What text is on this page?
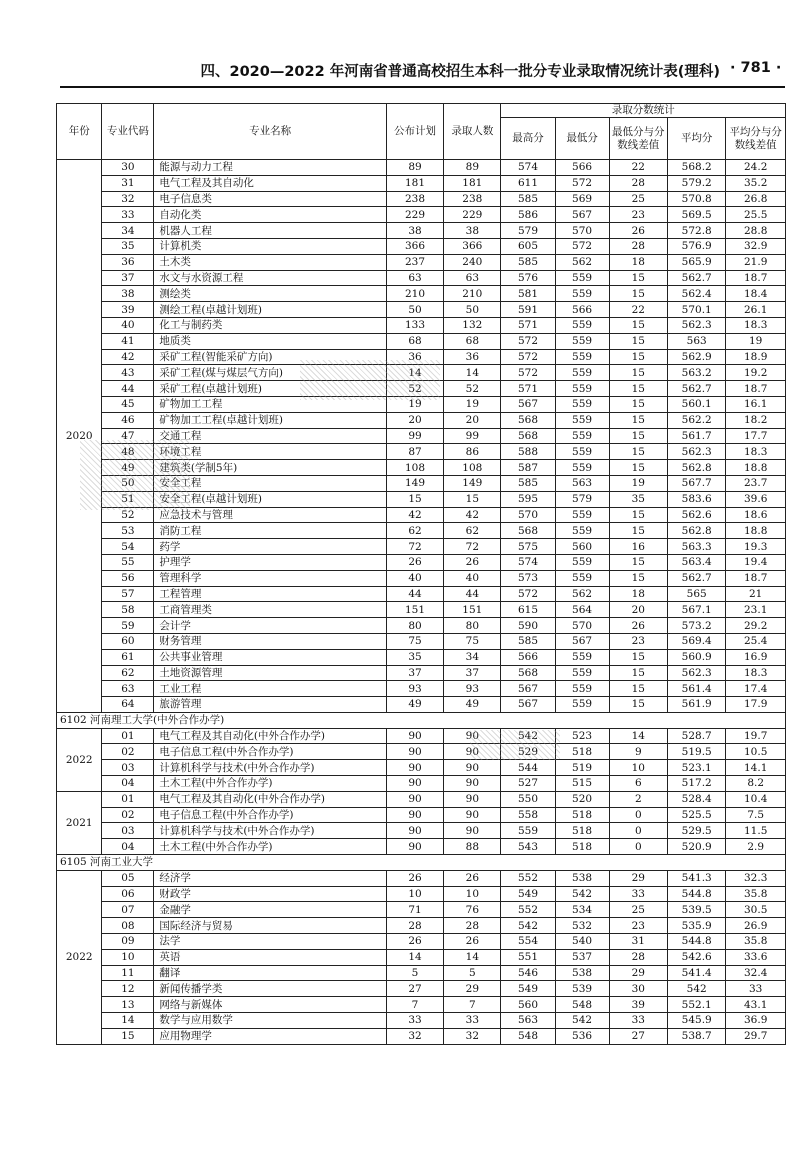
四、2020—2022 年河南省普通高校招生本科一批分专业录取情况统计表(理科) · 781 ·
年份	专业代码	专业名称	公布计划	录取人数	录取分数统计				
					最高分	最低分	最低分与分数线差值	平均分	平均分与分数线差值
2020	30	能源与动力工程	89	89	574	566	22	568.2	24.2
	31	电气工程及其自动化	181	181	611	572	28	579.2	35.2
	32	电子信息类	238	238	585	569	25	570.8	26.8
	33	自动化类	229	229	586	567	23	569.5	25.5
	34	机器人工程	38	38	579	570	26	572.8	28.8
	35	计算机类	366	366	605	572	28	576.9	32.9
	36	土木类	237	240	585	562	18	565.9	21.9
	37	水文与水资源工程	63	63	576	559	15	562.7	18.7
	38	测绘类	210	210	581	559	15	562.4	18.4
	39	测绘工程(卓越计划班)	50	50	591	566	22	570.1	26.1
	40	化工与制药类	133	132	571	559	15	562.3	18.3
	41	地质类	68	68	572	559	15	563	19
	42	采矿工程(智能采矿方向)	36	36	572	559	15	562.9	18.9
	43	采矿工程(煤与煤层气方向)	14	14	572	559	15	563.2	19.2
	44	采矿工程(卓越计划班)	52	52	571	559	15	562.7	18.7
	45	矿物加工工程	19	19	567	559	15	560.1	16.1
	46	矿物加工工程(卓越计划班)	20	20	568	559	15	562.2	18.2
	47	交通工程	99	99	568	559	15	561.7	17.7
	48	环境工程	87	86	588	559	15	562.3	18.3
	49	建筑类(学制5年)	108	108	587	559	15	562.8	18.8
	50	安全工程	149	149	585	563	19	567.7	23.7
	51	安全工程(卓越计划班)	15	15	595	579	35	583.6	39.6
	52	应急技术与管理	42	42	570	559	15	562.6	18.6
	53	消防工程	62	62	568	559	15	562.8	18.8
	54	药学	72	72	575	560	16	563.3	19.3
	55	护理学	26	26	574	559	15	563.4	19.4
	56	管理科学	40	40	573	559	15	562.7	18.7
	57	工程管理	44	44	572	562	18	565	21
	58	工商管理类	151	151	615	564	20	567.1	23.1
	59	会计学	80	80	590	570	26	573.2	29.2
	60	财务管理	75	75	585	567	23	569.4	25.4
	61	公共事业管理	35	34	566	559	15	560.9	16.9
	62	土地资源管理	37	37	568	559	15	562.3	18.3
	63	工业工程	93	93	567	559	15	561.4	17.4
	64	旅游管理	49	49	567	559	15	561.9	17.9
6102 河南理工大学(中外合作办学)									
2022	01	电气工程及其自动化(中外合作办学)	90	90	542	523	14	528.7	19.7
	02	电子信息工程(中外合作办学)	90	90	529	518	9	519.5	10.5
	03	计算机科学与技术(中外合作办学)	90	90	544	519	10	523.1	14.1
	04	土木工程(中外合作办学)	90	90	527	515	6	517.2	8.2
2021	01	电气工程及其自动化(中外合作办学)	90	90	550	520	2	528.4	10.4
	02	电子信息工程(中外合作办学)	90	90	558	518	0	525.5	7.5
	03	计算机科学与技术(中外合作办学)	90	90	559	518	0	529.5	11.5
	04	土木工程(中外合作办学)	90	88	543	518	0	520.9	2.9
6105 河南工业大学									
2022	05	经济学	26	26	552	538	29	541.3	32.3
	06	财政学	10	10	549	542	33	544.8	35.8
	07	金融学	71	76	552	534	25	539.5	30.5
	08	国际经济与贸易	28	28	542	532	23	535.9	26.9
	09	法学	26	26	554	540	31	544.8	35.8
	10	英语	14	14	551	537	28	542.6	33.6
	11	翻译	5	5	546	538	29	541.4	32.4
	12	新闻传播学类	27	29	549	539	30	542	33
	13	网络与新媒体	7	7	560	548	39	552.1	43.1
	14	数学与应用数学	33	33	563	542	33	545.9	36.9
	15	应用物理学	32	32	548	536	27	538.7	29.7
